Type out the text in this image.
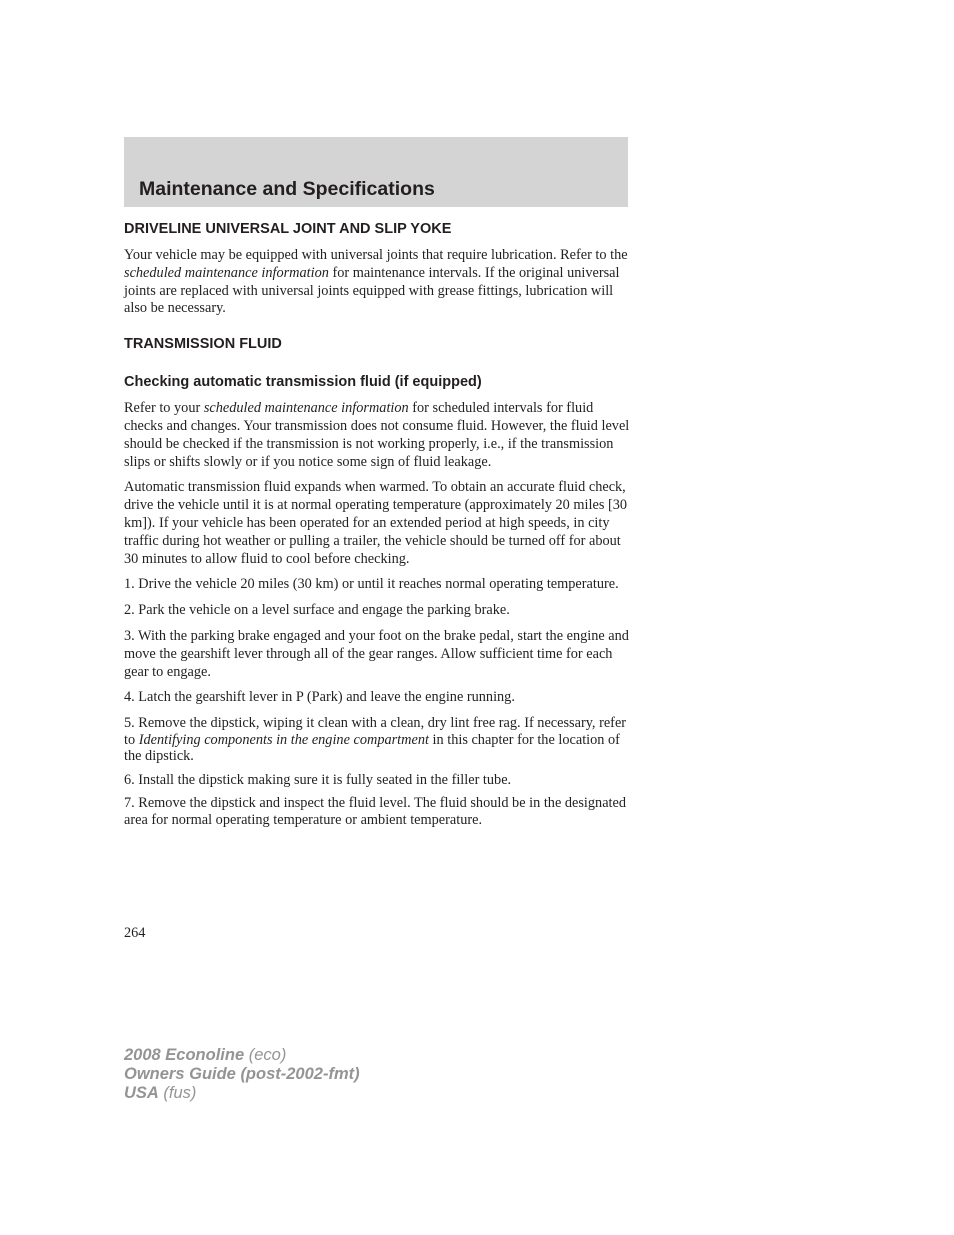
Maintenance and Specifications
DRIVELINE UNIVERSAL JOINT AND SLIP YOKE

Your vehicle may be equipped with universal joints that require lubrication. Refer to the scheduled maintenance information for maintenance intervals. If the original universal joints are replaced with universal joints equipped with grease fittings, lubrication will also be necessary.

TRANSMISSION FLUID
Checking automatic transmission fluid (if equipped)

Refer to your scheduled maintenance information for scheduled intervals for fluid checks and changes. Your transmission does not consume fluid. However, the fluid level should be checked if the transmission is not working properly, i.e., if the transmission slips or shifts slowly or if you notice some sign of fluid leakage.

Automatic transmission fluid expands when warmed. To obtain an accurate fluid check, drive the vehicle until it is at normal operating temperature (approximately 20 miles [30 km]). If your vehicle has been operated for an extended period at high speeds, in city traffic during hot weather or pulling a trailer, the vehicle should be turned off for about 30 minutes to allow fluid to cool before checking.

1. Drive the vehicle 20 miles (30 km) or until it reaches normal operating temperature.

2. Park the vehicle on a level surface and engage the parking brake.

3. With the parking brake engaged and your foot on the brake pedal, start the engine and move the gearshift lever through all of the gear ranges. Allow sufficient time for each gear to engage.

4. Latch the gearshift lever in P (Park) and leave the engine running.

5. Remove the dipstick, wiping it clean with a clean, dry lint free rag. If necessary, refer to Identifying components in the engine compartment in this chapter for the location of the dipstick.

6. Install the dipstick making sure it is fully seated in the filler tube.

7. Remove the dipstick and inspect the fluid level. The fluid should be in the designated area for normal operating temperature or ambient temperature.

264
2008 Econoline (eco)
Owners Guide (post-2002-fmt)
USA (fus)
